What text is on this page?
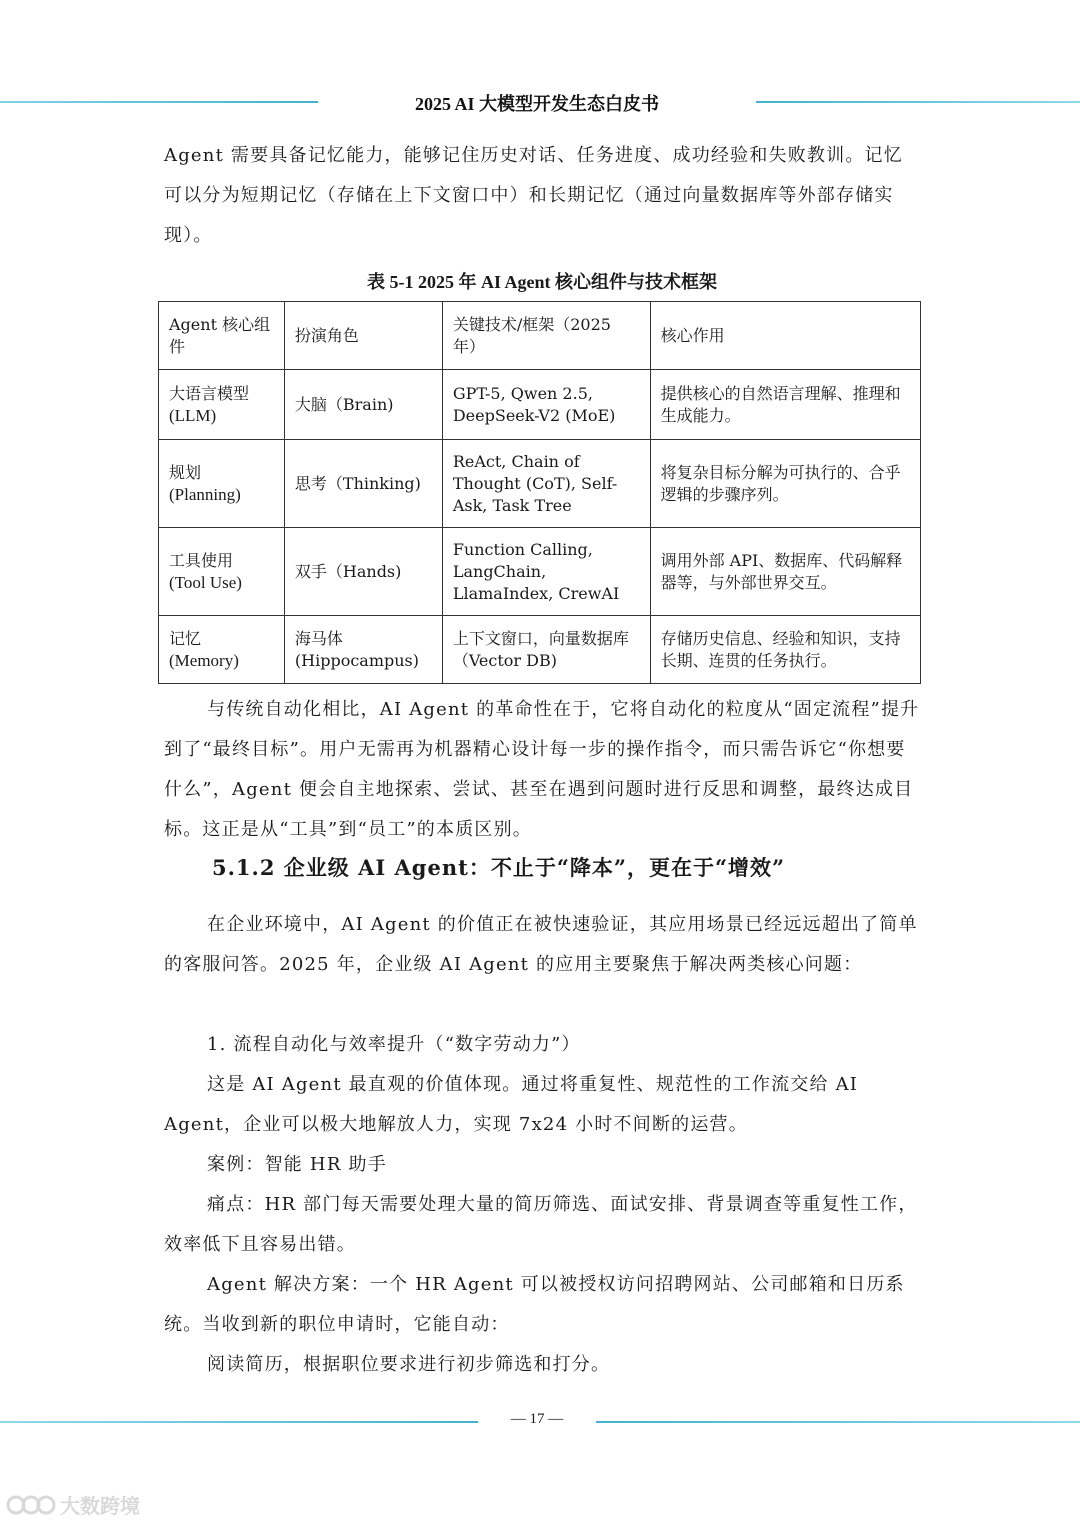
2025 AI 大模型开发生态白皮书

Agent 需要具备记忆能力，能够记住历史对话、任务进度、成功经验和失败教训。记忆可以分为短期记忆（存储在上下文窗口中）和长期记忆（通过向量数据库等外部存储实现）。

表 5-1 2025 年 AI Agent 核心组件与技术框架
Agent 核心组件	扮演角色	关键技术/框架（2025 年）	核心作用

大语言模型
(LLM)	大脑（Brain)	GPT-5, Qwen 2.5, DeepSeek-V2 (MoE)	提供核心的自然语言理解、推理和生成能力。

规划
(Planning)	思考（Thinking)	ReAct, Chain of Thought (CoT), Self-Ask, Task Tree	将复杂目标分解为可执行的、合乎逻辑的步骤序列。

工具使用
(Tool Use)	双手（Hands)	Function Calling, LangChain, LlamaIndex, CrewAI	调用外部 API、数据库、代码解释器等，与外部世界交互。

记忆
(Memory)	海马体 (Hippocampus)	上下文窗口，向量数据库（Vector DB)	存储历史信息、经验和知识，支持长期、连贯的任务执行。

与传统自动化相比，AI Agent 的革命性在于，它将自动化的粒度从“固定流程”提升到了“最终目标”。用户无需再为机器精心设计每一步的操作指令，而只需告诉它“你想要什么”，Agent 便会自主地探索、尝试、甚至在遇到问题时进行反思和调整，最终达成目标。这正是从“工具”到“员工”的本质区别。

5.1.2 企业级 AI Agent：不止于“降本”，更在于“增效”

在企业环境中，AI Agent 的价值正在被快速验证，其应用场景已经远远超出了简单的客服问答。2025 年，企业级 AI Agent 的应用主要聚焦于解决两类核心问题：

1. 流程自动化与效率提升（“数字劳动力”）

这是 AI Agent 最直观的价值体现。通过将重复性、规范性的工作流交给 AI Agent，企业可以极大地解放人力，实现 7x24 小时不间断的运营。

案例：智能 HR 助手

痛点：HR 部门每天需要处理大量的简历筛选、面试安排、背景调查等重复性工作，效率低下且容易出错。

Agent 解决方案：一个 HR Agent 可以被授权访问招聘网站、公司邮箱和日历系统。当收到新的职位申请时，它能自动：

阅读简历，根据职位要求进行初步筛选和打分。

— 17 —
大数跨境
